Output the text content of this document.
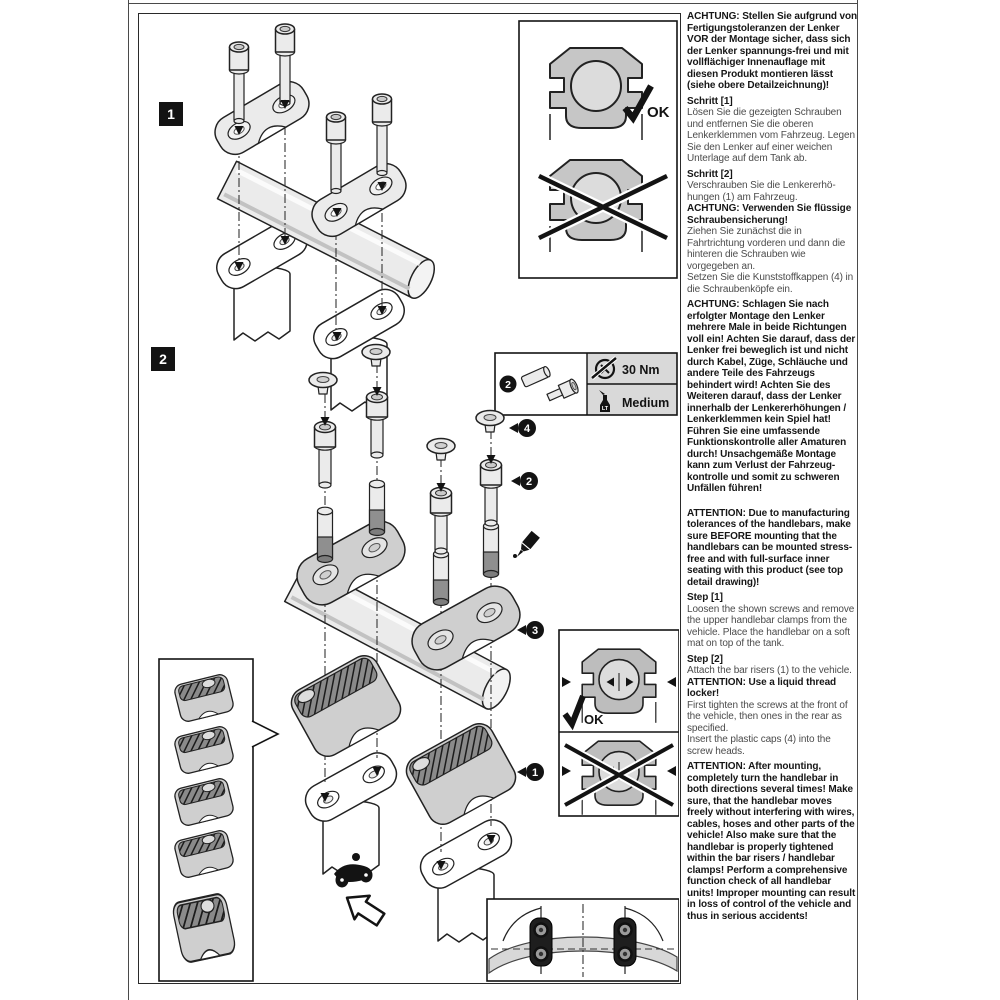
1	OK
2
2
30 Nm
LT Medium
4
2
3
1
OK

ACHTUNG: Stellen Sie aufgrund von Fertigungstoleranzen der Lenker VOR der Montage sicher, dass sich der Lenker spannungs-frei und mit vollflächiger Innenauflage mit diesen Produkt montieren lässt (siehe obere Detailzeichnung)!

Schritt [1]

Lösen Sie die gezeigten Schrauben und entfernen Sie die oberen Lenkerklemmen vom Fahrzeug. Legen Sie den Lenker auf einer weichen Unterlage auf dem Tank ab.

Schritt [2]

Verschrauben Sie die Lenkererhö-hungen (1) am Fahrzeug.

ACHTUNG: Verwenden Sie flüssige Schraubensicherung!

Ziehen Sie zunächst die in Fahrtrichtung vorderen und dann die hinteren die Schrauben wie vorgegeben an.

Setzen Sie die Kunststoffkappen (4) in die Schraubenköpfe ein.

ACHTUNG: Schlagen Sie nach erfolgter Montage den Lenker mehrere Male in beide Richtungen voll ein! Achten Sie darauf, dass der Lenker frei beweglich ist und nicht durch Kabel, Züge, Schläuche und andere Teile des Fahrzeugs behindert wird! Achten Sie des Weiteren darauf, dass der Lenker innerhalb der Lenkererhöhungen / Lenkerklemmen kein Spiel hat! Führen Sie eine umfassende Funktionskontrolle aller Amaturen durch! Unsachgemäße Montage kann zum Verlust der Fahrzeug-kontrolle und somit zu schweren Unfällen führen!

ATTENTION: Due to manufacturing tolerances of the handlebars, make sure BEFORE mounting that the handlebars can be mounted stress-free and with full-surface inner seating with this product (see top detail drawing)!

Step [1]

Loosen the shown screws and remove the upper handlebar clamps from the vehicle. Place the handlebar on a soft mat on top of the tank.

Step [2]

Attach the bar risers (1) to the vehicle.

ATTENTION: Use a liquid thread locker!

First tighten the screws at the front of the vehicle, then ones in the rear as specified.

Insert the plastic caps (4) into the screw heads.

ATTENTION: After mounting, completely turn the handlebar in both directions several times! Make sure, that the handlebar moves freely without interfering with wires, cables, hoses and other parts of the vehicle! Also make sure that the handlebar is properly tightened within the bar risers / handlebar clamps! Perform a comprehensive function check of all handlebar units! Improper mounting can result in loss of control of the vehicle and thus in serious accidents!
